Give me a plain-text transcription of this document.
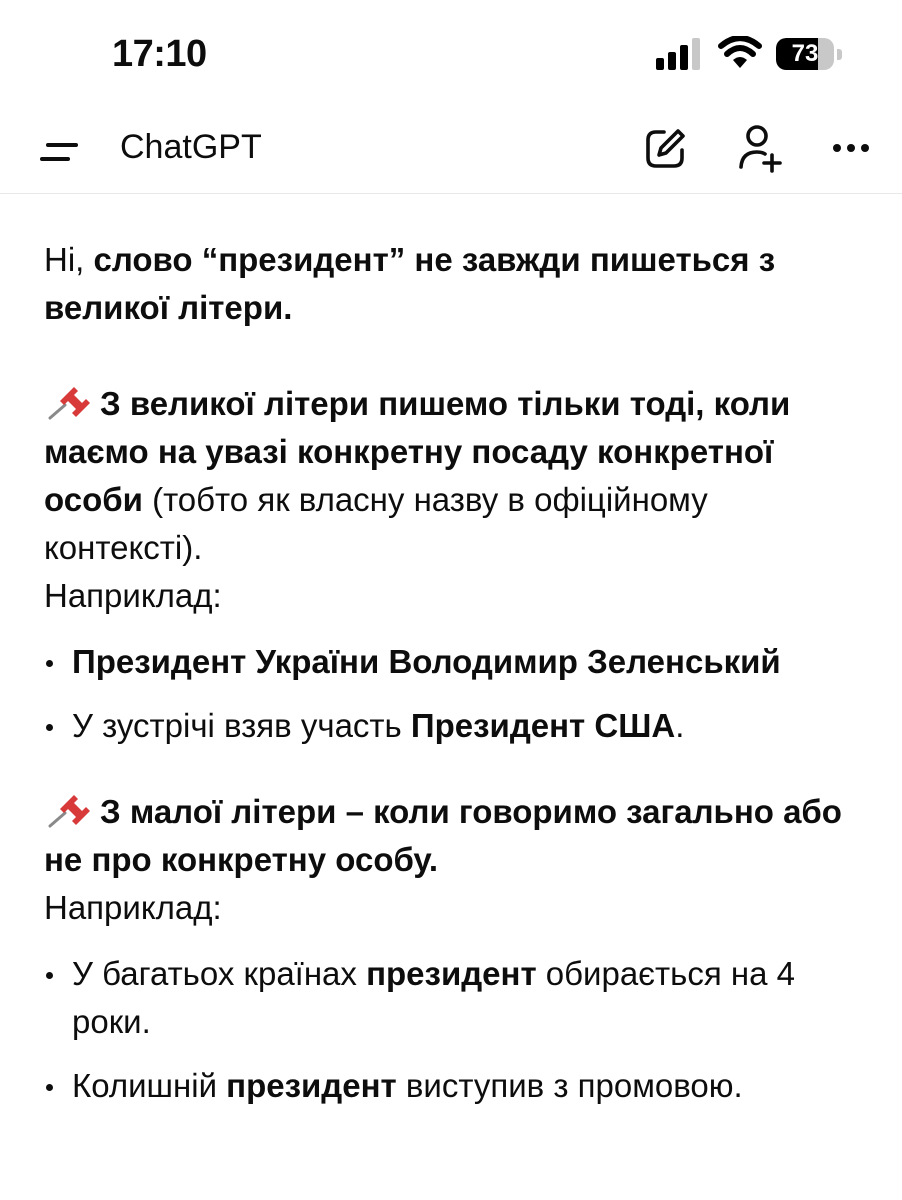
17:10	73
ChatGPT

Ні, слово “президент” не завжди пишеться з великої літери.

З великої літери пишемо тільки тоді, коли маємо на увазі конкретну посаду конкретної особи (тобто як власну назву в офіційному контексті).
Наприклад:

Президент України Володимир Зеленський
У зустрічі взяв участь Президент США.

З малої літери – коли говоримо загально або не про конкретну особу.
Наприклад:

У багатьох країнах президент обирається на 4 роки.
Колишній президент виступив з промовою.
